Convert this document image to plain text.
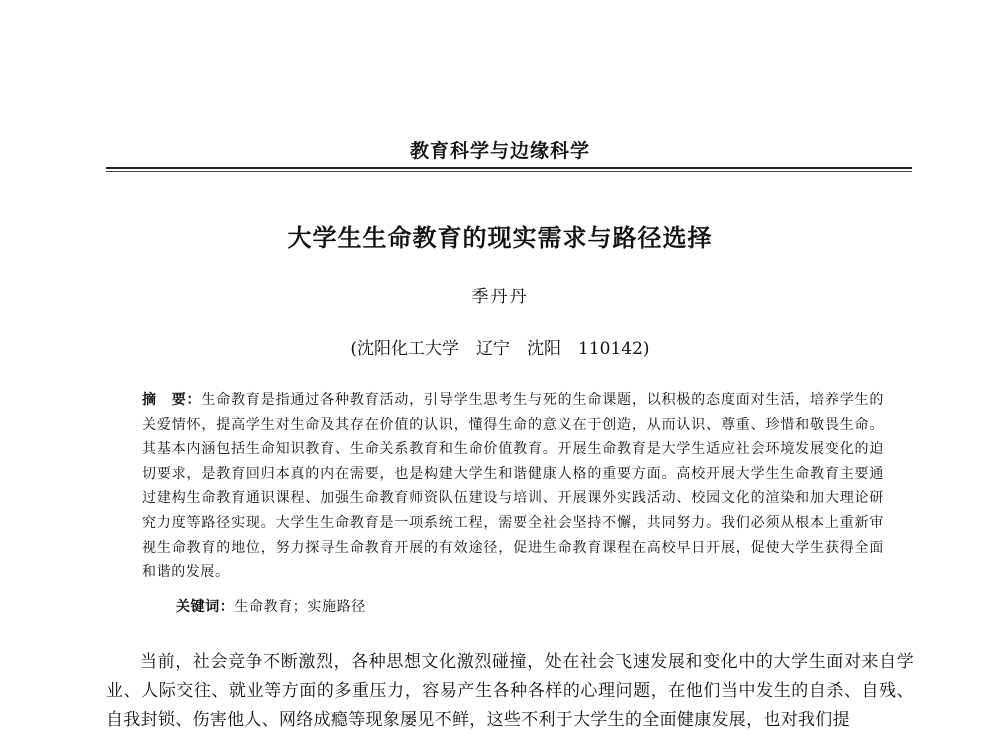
教育科学与边缘科学
大学生生命教育的现实需求与路径选择
季丹丹
(沈阳化工大学　辽宁　沈阳　110142)
摘　要：生命教育是指通过各种教育活动，引导学生思考生与死的生命课题，以积极的态度面对生活，培养学生的关爱情怀，提高学生对生命及其存在价值的认识，懂得生命的意义在于创造，从而认识、尊重、珍惜和敬畏生命。其基本内涵包括生命知识教育、生命关系教育和生命价值教育。开展生命教育是大学生适应社会环境发展变化的迫切要求，是教育回归本真的内在需要，也是构建大学生和谐健康人格的重要方面。高校开展大学生生命教育主要通过建构生命教育通识课程、加强生命教育师资队伍建设与培训、开展课外实践活动、校园文化的渲染和加大理论研究力度等路径实现。大学生生命教育是一项系统工程，需要全社会坚持不懈，共同努力。我们必须从根本上重新审视生命教育的地位，努力探寻生命教育开展的有效途径，促进生命教育课程在高校早日开展，促使大学生获得全面和谐的发展。
关键词：生命教育；实施路径
当前，社会竞争不断激烈，各种思想文化激烈碰撞，处在社会飞速发展和变化中的大学生面对来自学业、人际交往、就业等方面的多重压力，容易产生各种各样的心理问题，在他们当中发生的自杀、自残、自我封锁、伤害他人、网络成瘾等现象屡见不鲜，这些不利于大学生的全面健康发展，也对我们提
